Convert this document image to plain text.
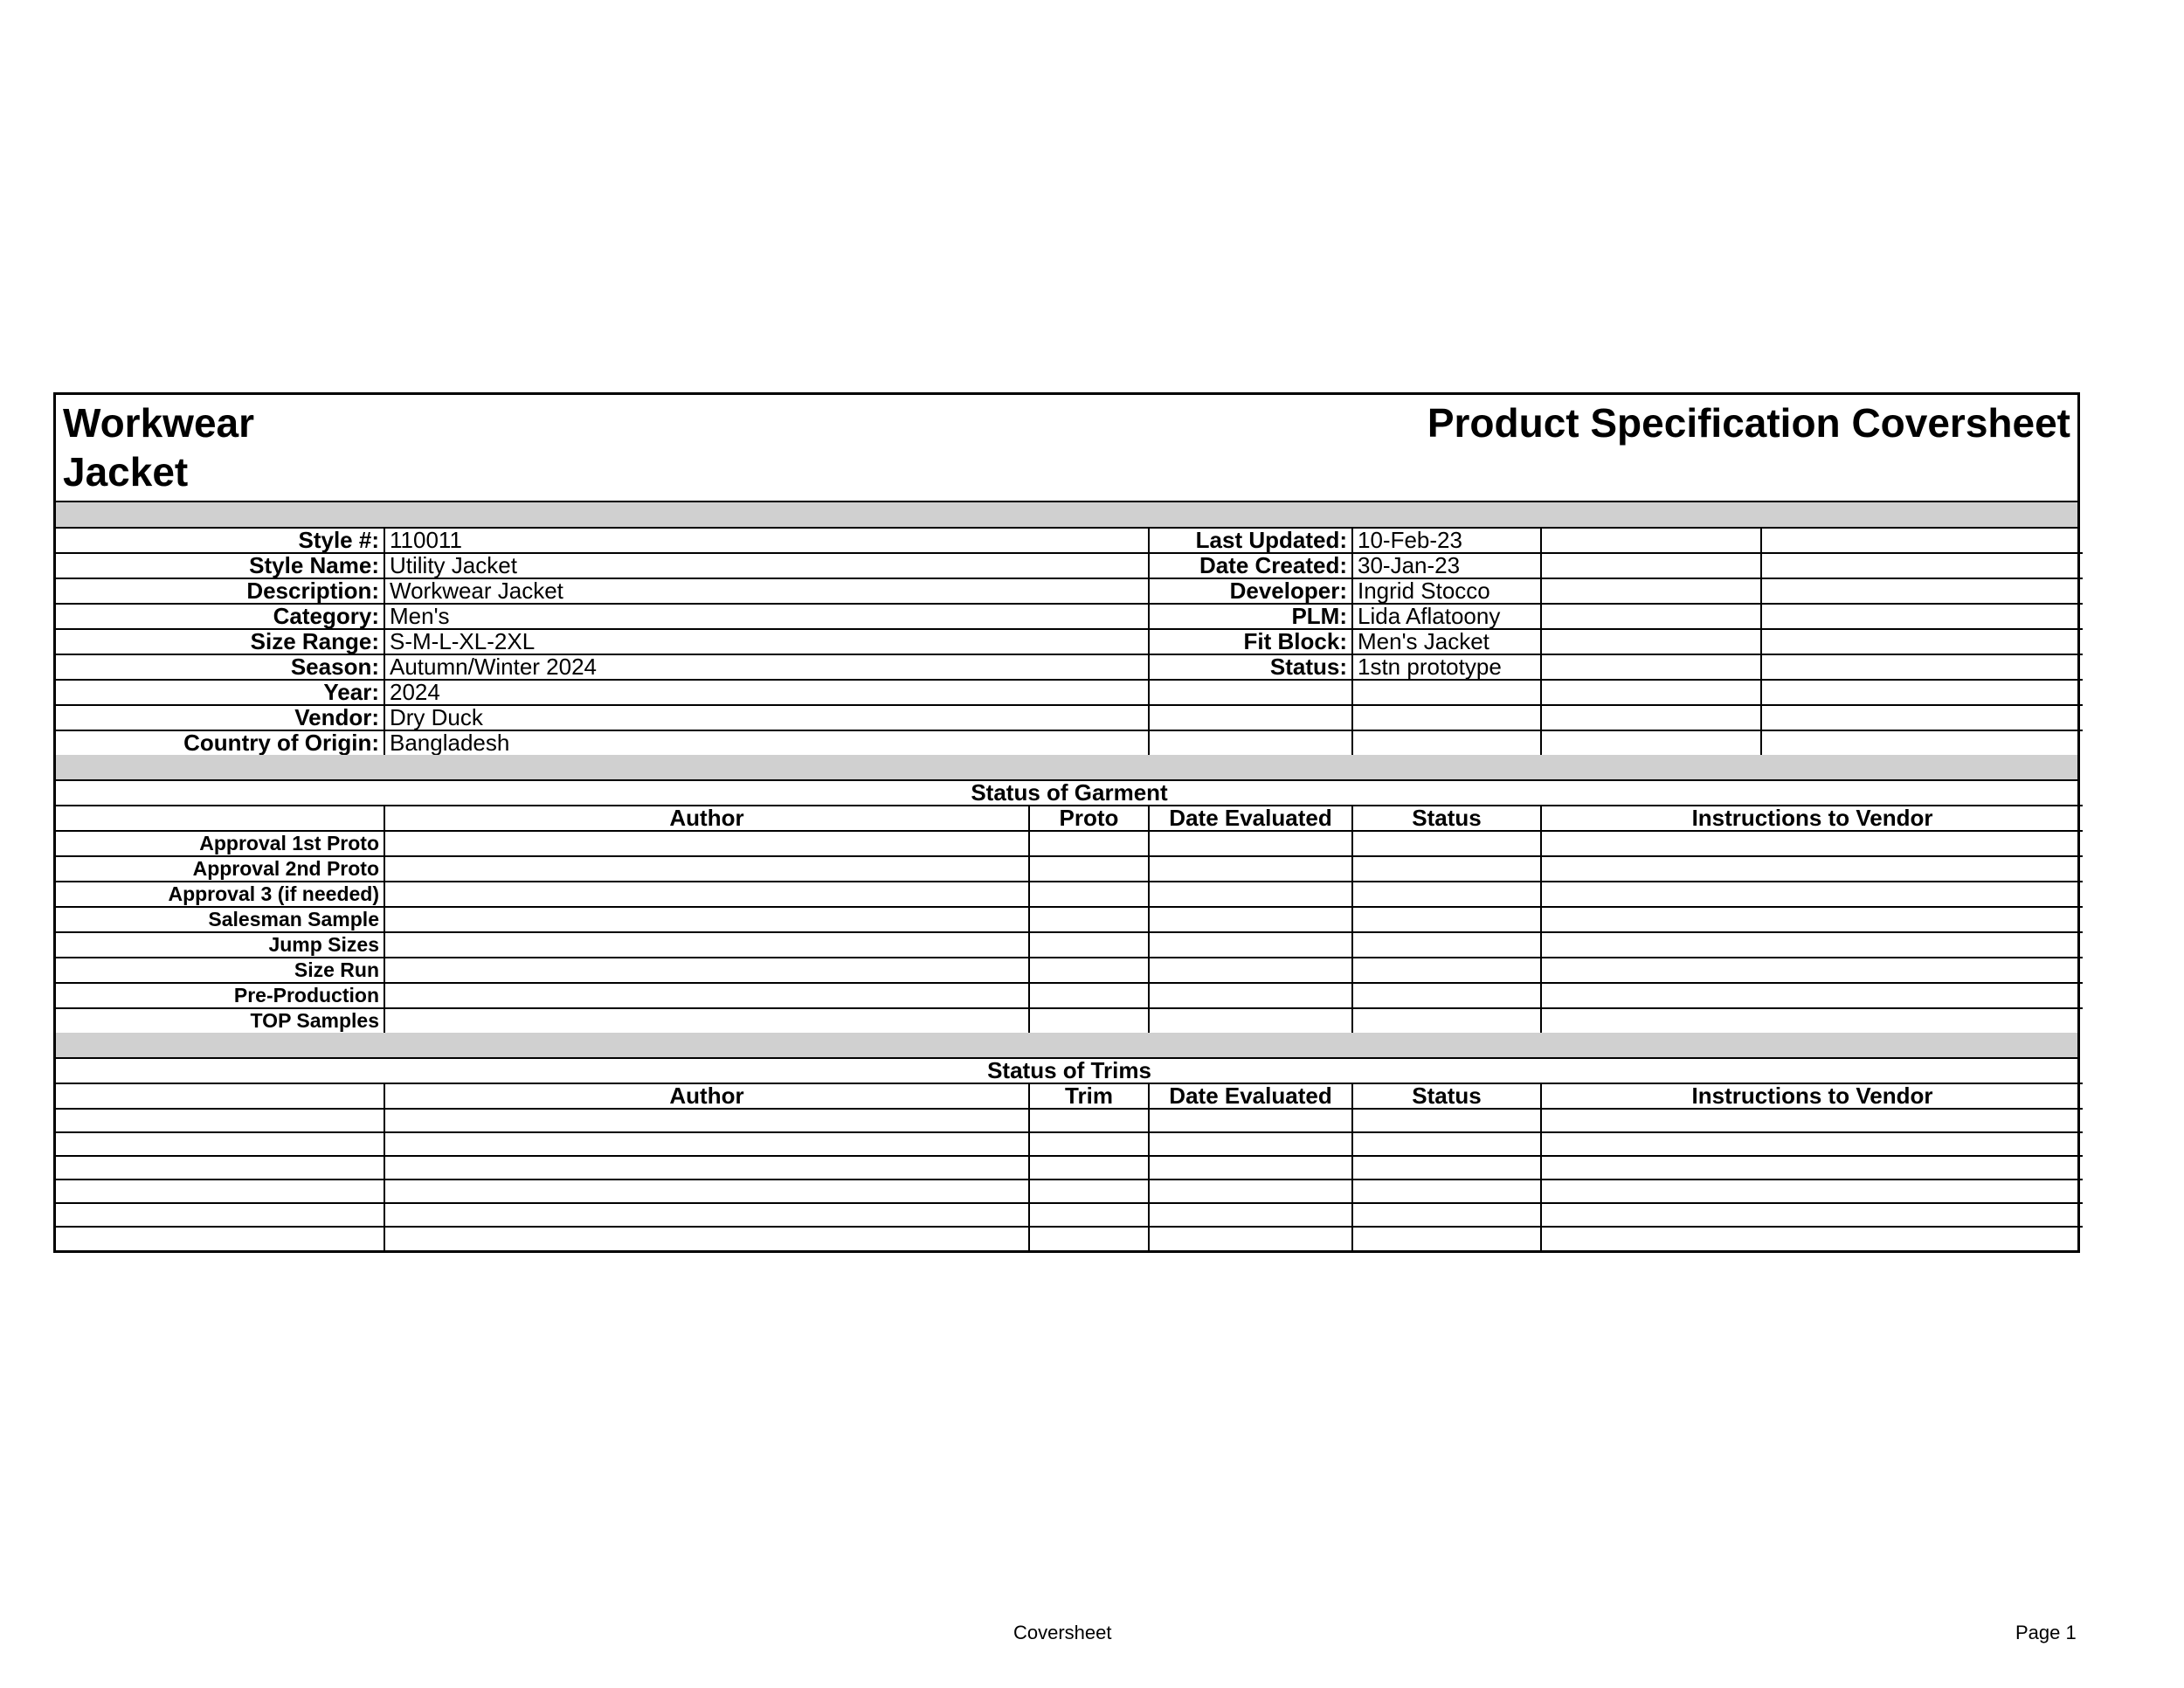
Workwear
Jacket
Product Specification Coversheet
Style #:	110011	Last Updated:	10-Feb-23		
Style Name:	Utility Jacket	Date Created:	30-Jan-23		
Description:	Workwear Jacket	Developer:	Ingrid Stocco		
Category:	Men's	PLM:	Lida Aflatoony		
Size Range:	S-M-L-XL-2XL	Fit Block:	Men's Jacket		
Season:	Autumn/Winter 2024	Status:	1stn prototype		
Year:	2024				
Vendor:	Dry Duck				
Country of Origin:	Bangladesh				
Status of Garment					
	Author	Proto	Date Evaluated	Status	Instructions to Vendor
Approval 1st Proto					
Approval 2nd Proto					
Approval 3 (if needed)					
Salesman Sample					
Jump Sizes					
Size Run					
Pre-Production					
TOP Samples					
Status of Trims					
	Author	Trim	Date Evaluated	Status	Instructions to Vendor

Coversheet	Page 1
